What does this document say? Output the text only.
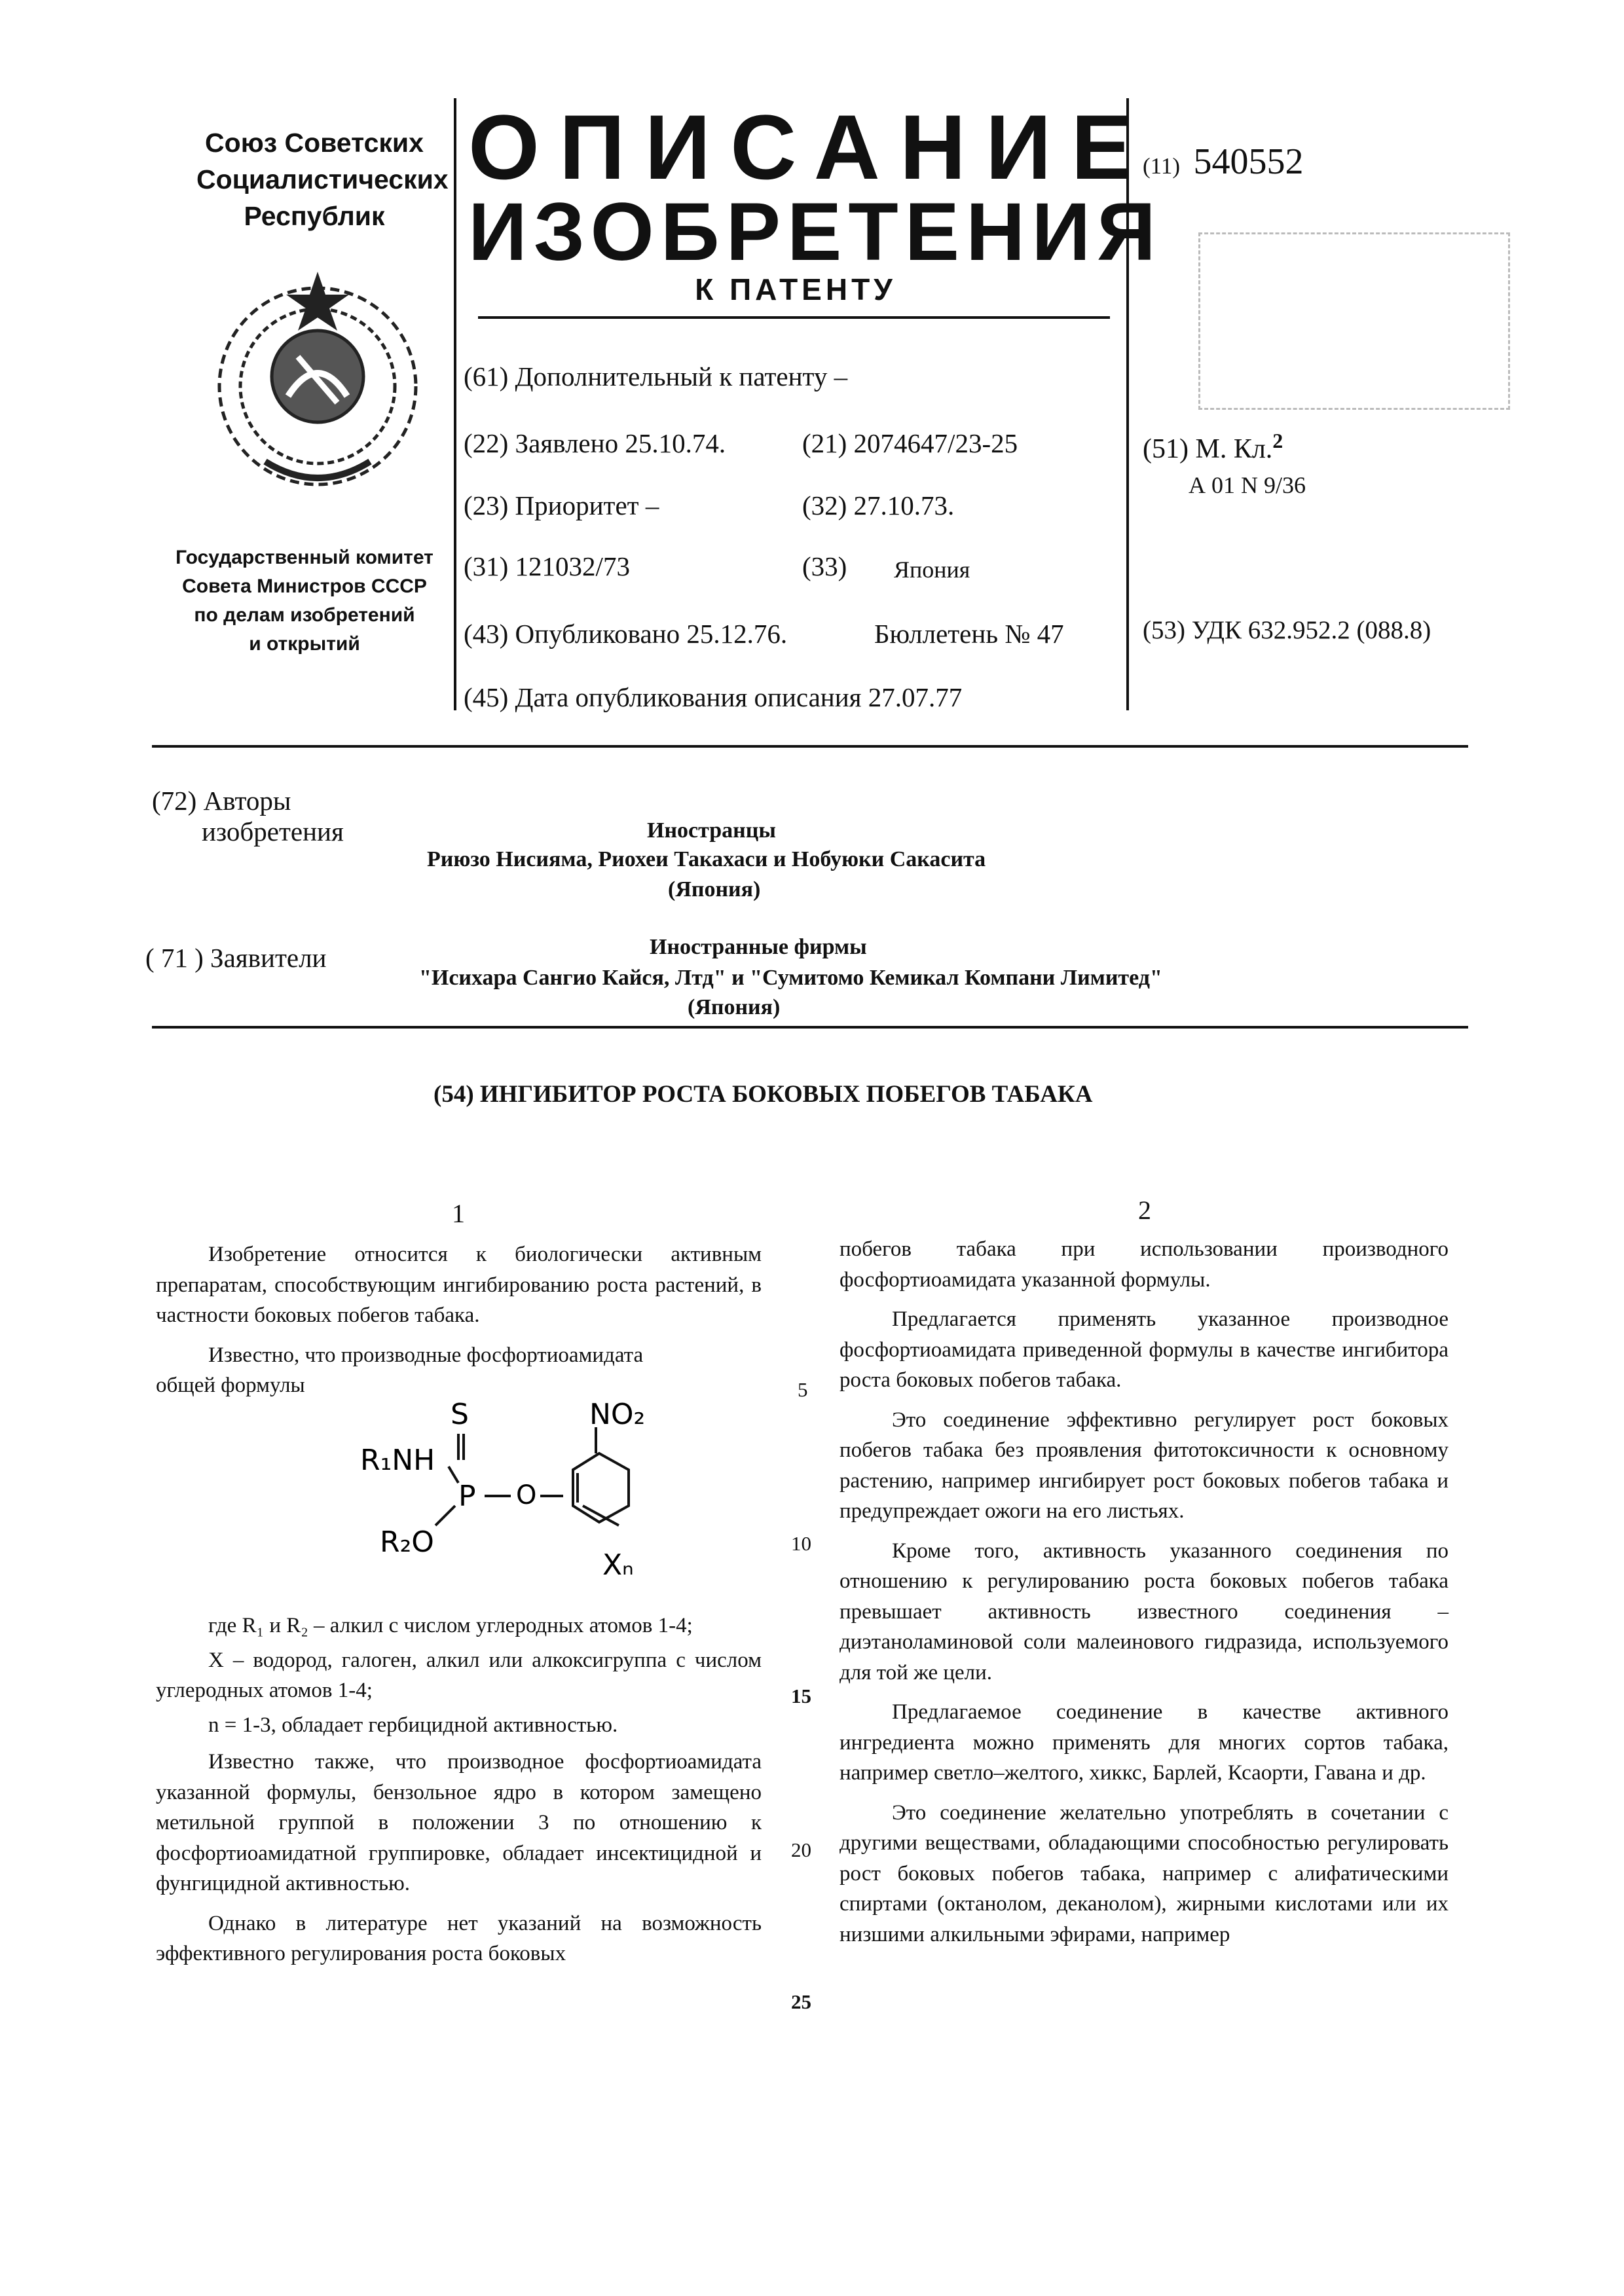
Союз Советских
Социалистических
Республик
Государственный комитет
Совета Министров СССР
по делам изобретений
и открытий
ОПИСАНИЕ
ИЗОБРЕТЕНИЯ
К ПАТЕНТУ
(61) Дополнительный к патенту –
(22) Заявлено 25.10.74.	(21) 2074647/23-25
(23) Приоритет –	(32) 27.10.73.
(31) 121032/73	(33) Япония
(43) Опубликовано 25.12.76.	Бюллетень № 47
(45) Дата опубликования описания 27.07.77
(11) 540552
(51) М. Кл.$^2$
А 01 N 9/36
(53) УДК 632.952.2 (088.8)
(72) Авторы
изобретения	Иностранцы
Риюзо Нисияма, Риохеи Такахаси и Нобуюки Сакасита
(Япония)
( 71 ) Заявители	Иностранные фирмы
"Исихара Сангио Кайся, Лтд" и "Сумитомо Кемикал Компани Лимитед"
(Япония)
(54) ИНГИБИТОР РОСТА БОКОВЫХ ПОБЕГОВ ТАБАКА
1	2

Изобретение относится к биологически активным препаратам, способствующим ингибированию роста растений, в частности боковых побегов табака.

Известно, что производные фосфортиоамидата

общей формулы

S	NO₂
R₁NH
P O
R₂O
Xₙ

где R₁ и R₂ – алкил с числом углеродных атомов 1-4;

X – водород, галоген, алкил или алкоксигруппа с числом углеродных атомов 1-4;

n = 1-3, обладает гербицидной активностью.

Известно также, что производное фосфортиоамидата указанной формулы, бензольное ядро в котором замещено метильной группой в положении 3 по отношению к фосфортиоамидатной группировке, обладает инсектицидной и фунгицидной активностью.

Однако в литературе нет указаний на возможность эффективного регулирования роста боковых

5
10
15
20
25

побегов табака при использовании производного фосфортиоамидата указанной формулы.

Предлагается применять указанное производное фосфортиоамидата приведенной формулы в качестве ингибитора роста боковых побегов табака.

Это соединение эффективно регулирует рост боковых побегов табака без проявления фитотоксичности к основному растению, например ингибирует рост боковых побегов табака и предупреждает ожоги на его листьях.

Кроме того, активность указанного соединения по отношению к регулированию роста боковых побегов табака превышает активность известного соединения – диэтаноламиновой соли малеинового гидразида, используемого для той же цели.

Предлагаемое соединение в качестве активного ингредиента можно применять для многих сортов табака, например светло–желтого, хиккс, Барлей, Ксаорти, Гавана и др.

Это соединение желательно употреблять в сочетании с другими веществами, обладающими способностью регулировать рост боковых побегов табака, например с алифатическими спиртами (октанолом, деканолом), жирными кислотами или их низшими алкильными эфирами, например
